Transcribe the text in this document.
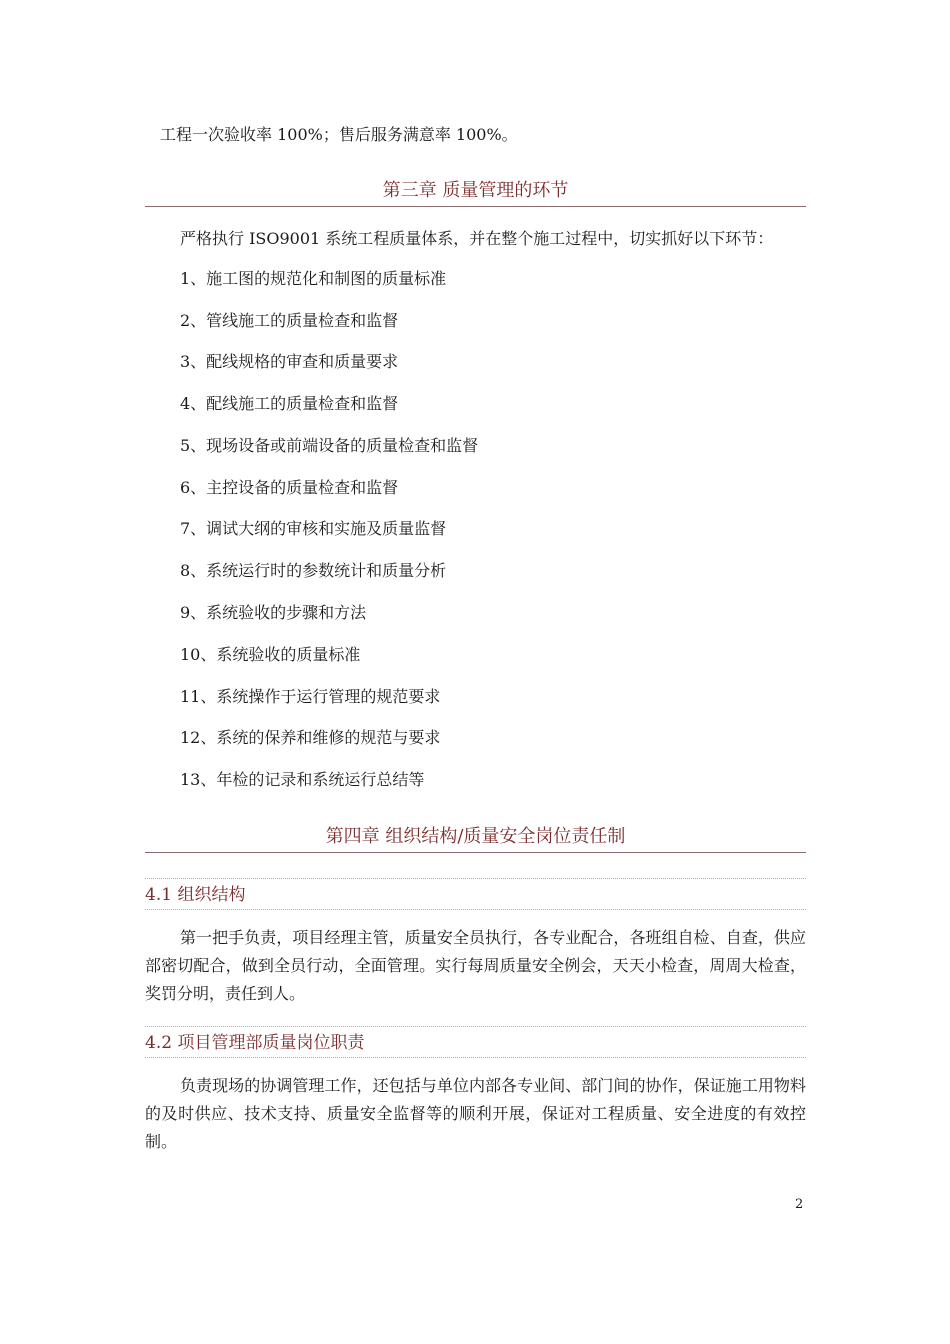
工程一次验收率 100%；售后服务满意率 100%。
第三章 质量管理的环节
严格执行 ISO9001 系统工程质量体系，并在整个施工过程中，切实抓好以下环节：
1、施工图的规范化和制图的质量标准
2、管线施工的质量检查和监督
3、配线规格的审查和质量要求
4、配线施工的质量检查和监督
5、现场设备或前端设备的质量检查和监督
6、主控设备的质量检查和监督
7、调试大纲的审核和实施及质量监督
8、系统运行时的参数统计和质量分析
9、系统验收的步骤和方法
10、系统验收的质量标准
11、系统操作于运行管理的规范要求
12、系统的保养和维修的规范与要求
13、年检的记录和系统运行总结等
第四章 组织结构/质量安全岗位责任制
4.1 组织结构
第一把手负责，项目经理主管，质量安全员执行，各专业配合，各班组自检、自查，供应部密切配合，做到全员行动，全面管理。实行每周质量安全例会，天天小检查，周周大检查，奖罚分明，责任到人。
4.2 项目管理部质量岗位职责
负责现场的协调管理工作，还包括与单位内部各专业间、部门间的协作，保证施工用物料的及时供应、技术支持、质量安全监督等的顺利开展，保证对工程质量、安全进度的有效控制。
2
